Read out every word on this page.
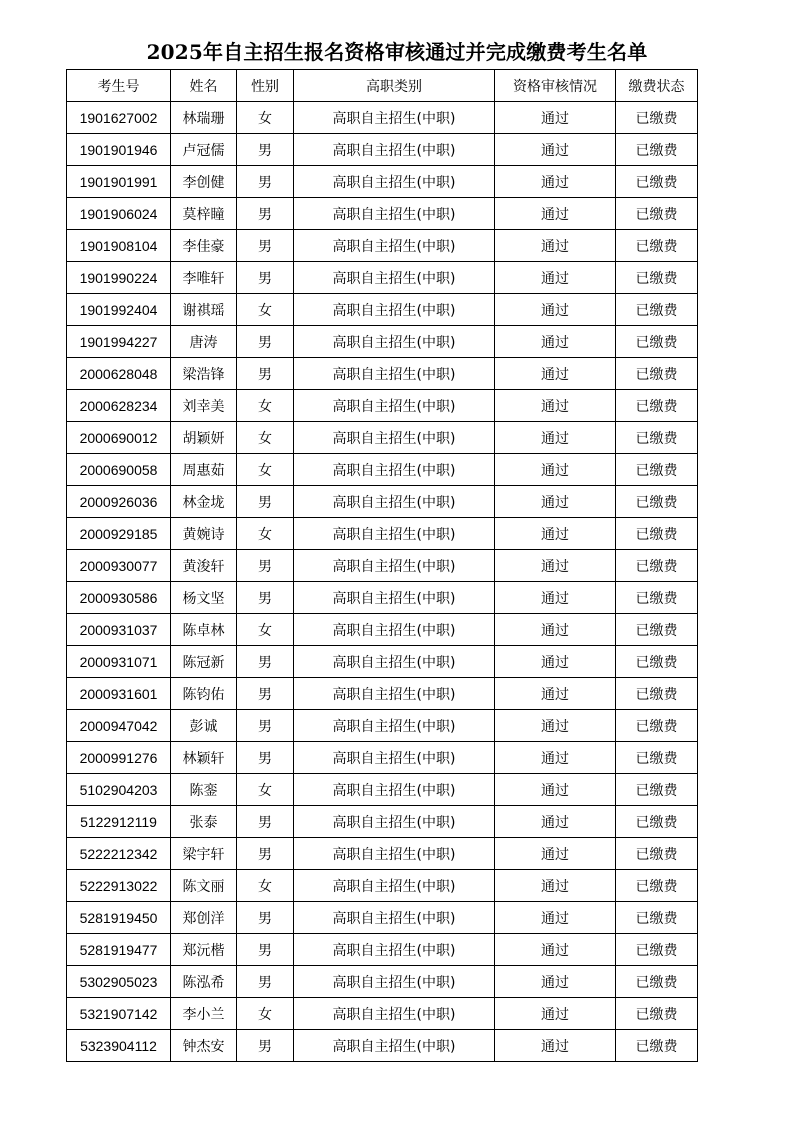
2025年自主招生报名资格审核通过并完成缴费考生名单
考生号	姓名	性别	高职类别	资格审核情况	缴费状态
1901627002	林瑞珊	女	高职自主招生(中职)	通过	已缴费
1901901946	卢冠儒	男	高职自主招生(中职)	通过	已缴费
1901901991	李创健	男	高职自主招生(中职)	通过	已缴费
1901906024	莫梓瞳	男	高职自主招生(中职)	通过	已缴费
1901908104	李佳豪	男	高职自主招生(中职)	通过	已缴费
1901990224	李唯轩	男	高职自主招生(中职)	通过	已缴费
1901992404	谢祺瑶	女	高职自主招生(中职)	通过	已缴费
1901994227	唐涛	男	高职自主招生(中职)	通过	已缴费
2000628048	梁浩锋	男	高职自主招生(中职)	通过	已缴费
2000628234	刘幸美	女	高职自主招生(中职)	通过	已缴费
2000690012	胡颖妍	女	高职自主招生(中职)	通过	已缴费
2000690058	周惠茹	女	高职自主招生(中职)	通过	已缴费
2000926036	林金垅	男	高职自主招生(中职)	通过	已缴费
2000929185	黄婉诗	女	高职自主招生(中职)	通过	已缴费
2000930077	黄浚轩	男	高职自主招生(中职)	通过	已缴费
2000930586	杨文坚	男	高职自主招生(中职)	通过	已缴费
2000931037	陈卓林	女	高职自主招生(中职)	通过	已缴费
2000931071	陈冠新	男	高职自主招生(中职)	通过	已缴费
2000931601	陈钧佑	男	高职自主招生(中职)	通过	已缴费
2000947042	彭诚	男	高职自主招生(中职)	通过	已缴费
2000991276	林颖轩	男	高职自主招生(中职)	通过	已缴费
5102904203	陈銮	女	高职自主招生(中职)	通过	已缴费
5122912119	张泰	男	高职自主招生(中职)	通过	已缴费
5222212342	梁宇轩	男	高职自主招生(中职)	通过	已缴费
5222913022	陈文丽	女	高职自主招生(中职)	通过	已缴费
5281919450	郑创洋	男	高职自主招生(中职)	通过	已缴费
5281919477	郑沅楷	男	高职自主招生(中职)	通过	已缴费
5302905023	陈泓希	男	高职自主招生(中职)	通过	已缴费
5321907142	李小兰	女	高职自主招生(中职)	通过	已缴费
5323904112	钟杰安	男	高职自主招生(中职)	通过	已缴费
